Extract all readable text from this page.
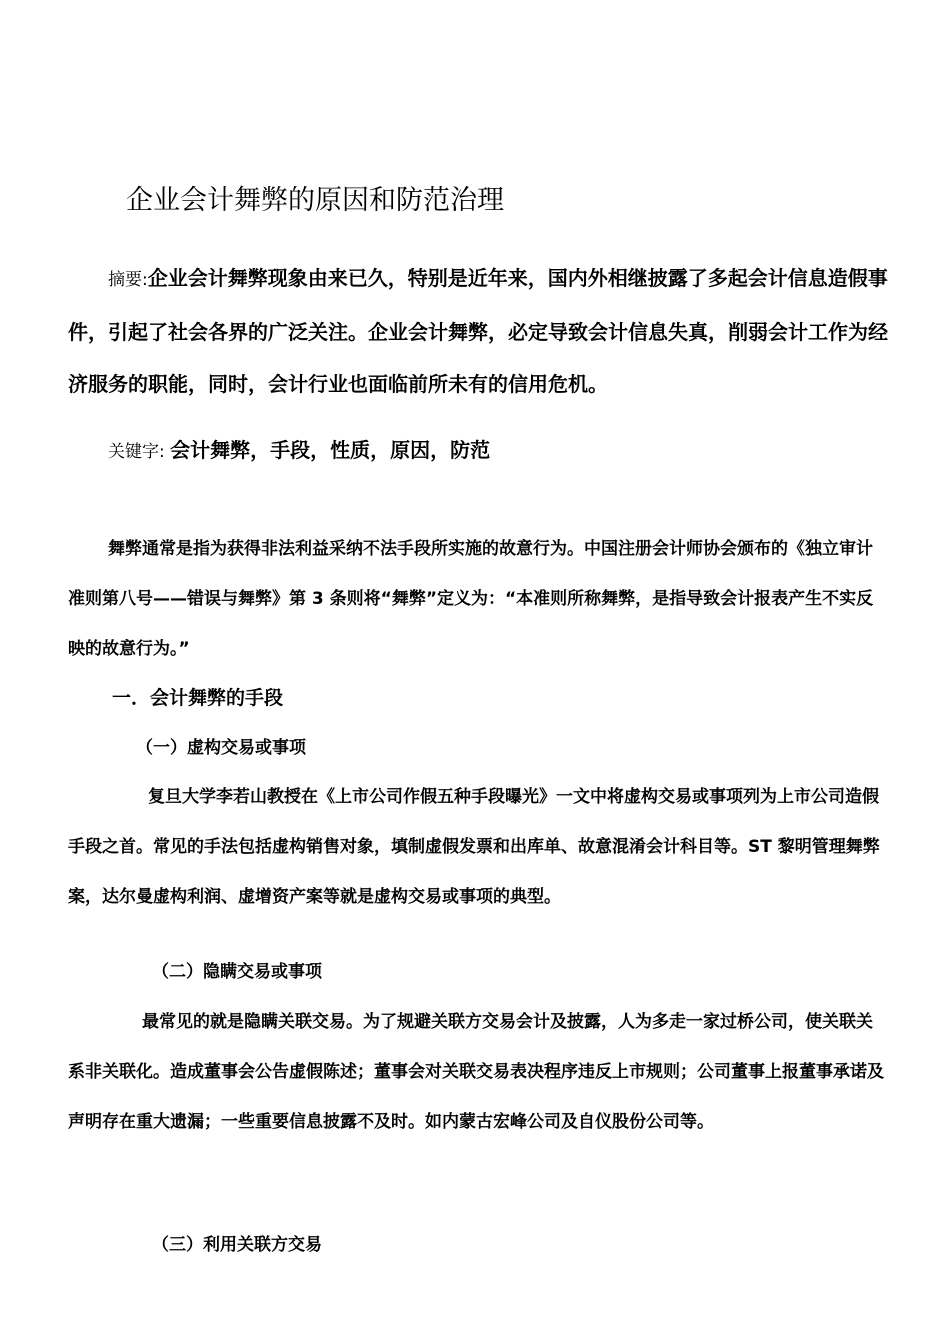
企业会计舞弊的原因和防范治理

摘要:企业会计舞弊现象由来已久，特别是近年来，国内外相继披露了多起会计信息造假事件，引起了社会各界的广泛关注。企业会计舞弊，必定导致会计信息失真，削弱会计工作为经济服务的职能，同时，会计行业也面临前所未有的信用危机。

关键字: 会计舞弊，手段，性质，原因，防范

舞弊通常是指为获得非法利益采纳不法手段所实施的故意行为。中国注册会计师协会颁布的《独立审计准则第八号——错误与舞弊》第 3 条则将“舞弊”定义为：“本准则所称舞弊，是指导致会计报表产生不实反映的故意行为。”

一．会计舞弊的手段
（一）虚构交易或事项

复旦大学李若山教授在《上市公司作假五种手段曝光》一文中将虚构交易或事项列为上市公司造假手段之首。常见的手法包括虚构销售对象，填制虚假发票和出库单、故意混淆会计科目等。ST 黎明管理舞弊案，达尔曼虚构利润、虚增资产案等就是虚构交易或事项的典型。

（二）隐瞒交易或事项

最常见的就是隐瞒关联交易。为了规避关联方交易会计及披露，人为多走一家过桥公司，使关联关系非关联化。造成董事会公告虚假陈述；董事会对关联交易表决程序违反上市规则；公司董事上报董事承诺及声明存在重大遗漏；一些重要信息披露不及时。如内蒙古宏峰公司及自仪股份公司等。

（三）利用关联方交易
